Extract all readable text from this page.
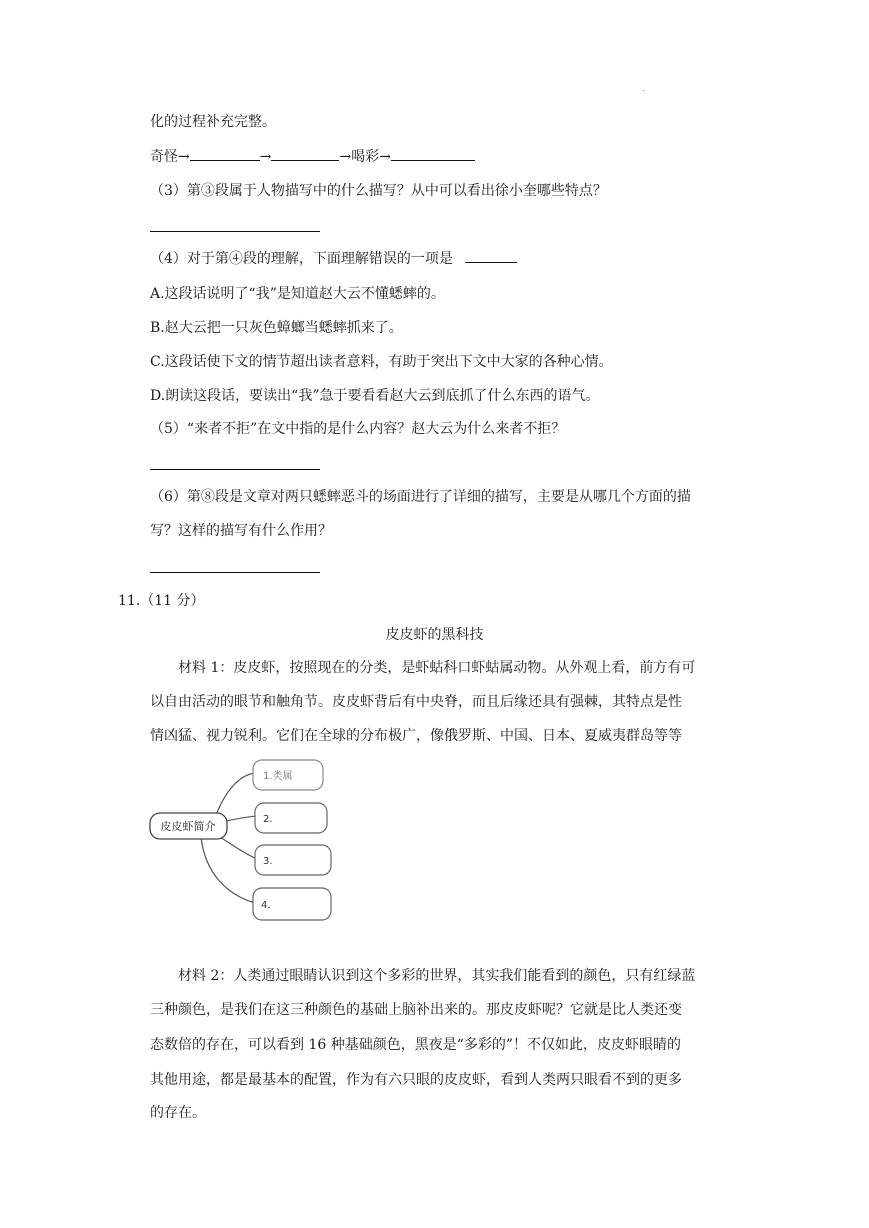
.
化的过程补充完整。
奇怪→	→	→喝彩→
（3）第③段属于人物描写中的什么描写？从中可以看出徐小奎哪些特点？
（4）对于第④段的理解，下面理解错误的一项是
A.这段话说明了“我”是知道赵大云不懂蟋蟀的。
B.赵大云把一只灰色蟑螂当蟋蟀抓来了。
C.这段话使下文的情节超出读者意料，有助于突出下文中大家的各种心情。
D.朗读这段话，要读出“我”急于要看看赵大云到底抓了什么东西的语气。
（5）“来者不拒”在文中指的是什么内容？赵大云为什么来者不拒？
（6）第⑧段是文章对两只蟋蟀恶斗的场面进行了详细的描写，主要是从哪几个方面的描
写？这样的描写有什么作用？
11.（11 分）
皮皮虾的黑科技
材料 1：皮皮虾，按照现在的分类，是虾蛄科口虾蛄属动物。从外观上看，前方有可
以自由活动的眼节和触角节。皮皮虾背后有中央脊，而且后缘还具有强棘，其特点是性
情凶猛、视力锐利。它们在全球的分布极广，像俄罗斯、中国、日本、夏威夷群岛等等
皮皮虾简介
1.类属
2.
3.
4.
材料 2：人类通过眼睛认识到这个多彩的世界，其实我们能看到的颜色，只有红绿蓝
三种颜色，是我们在这三种颜色的基础上脑补出来的。那皮皮虾呢？它就是比人类还变
态数倍的存在，可以看到 16 种基础颜色，黑夜是“多彩的”！不仅如此，皮皮虾眼睛的
其他用途，都是最基本的配置，作为有六只眼的皮皮虾，看到人类两只眼看不到的更多
的存在。
